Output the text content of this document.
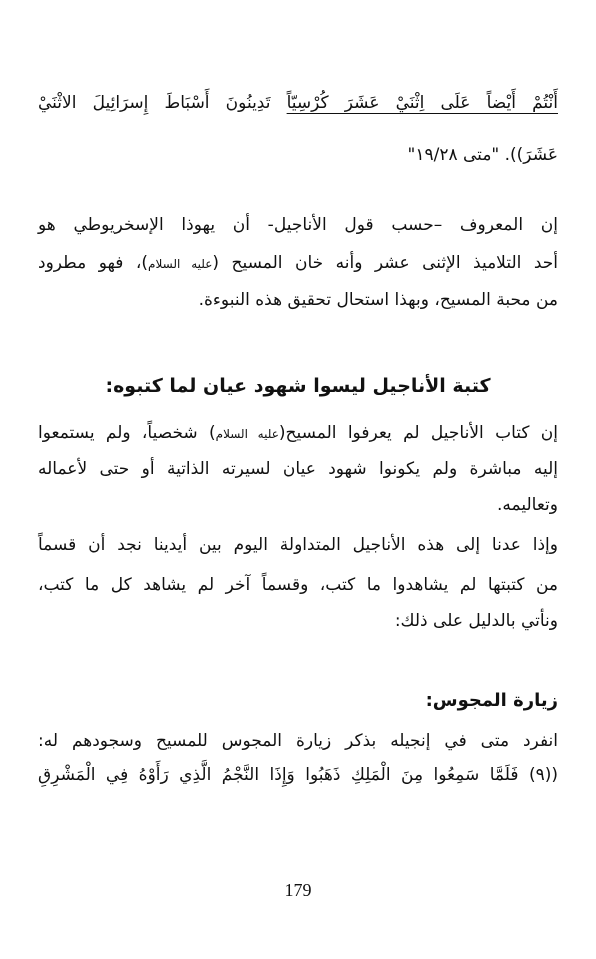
أَنْتُمْ أَيْضاً عَلَى اِثْنَيْ عَشَرَ كُرْسِيّاً تَدِينُونَ أَسْبَاطَ إِسرَائِيلَ الاثْنَيْ
عَشَرَ)). "متى ١٩/٢٨"
إن المعروف –حسب قول الأناجيل- أن يهوذا الإسخريوطي هو
أحد التلاميذ الإثنى عشر وأنه خان المسيح (عليه السلام)، فهو مطرود
من محبة المسيح، وبهذا استحال تحقيق هذه النبوءة.
كتبة الأناجيل ليسوا شهود عيان لما كتبوه:
إن كتاب الأناجيل لم يعرفوا المسيح(عليه السلام) شخصياً، ولم يستمعوا
إليه مباشرة ولم يكونوا شهود عيان لسيرته الذاتية أو حتى لأعماله
وتعاليمه.
وإذا عدنا إلى هذه الأناجيل المتداولة اليوم بين أيدينا نجد أن قسماً
من كتبتها لم يشاهدوا ما كتب، وقسماً آخر لم يشاهد كل ما كتب،
ونأتي بالدليل على ذلك:
زيارة المجوس:
انفرد متى في إنجيله بذكر زيارة المجوس للمسيح وسجودهم له:
((٩) فَلَمَّا سَمِعُوا مِنَ الْمَلِكِ ذَهَبُوا وَإِذَا النَّجْمُ الَّذِي رَأَوْهُ فِي الْمَشْرِقِ
179
